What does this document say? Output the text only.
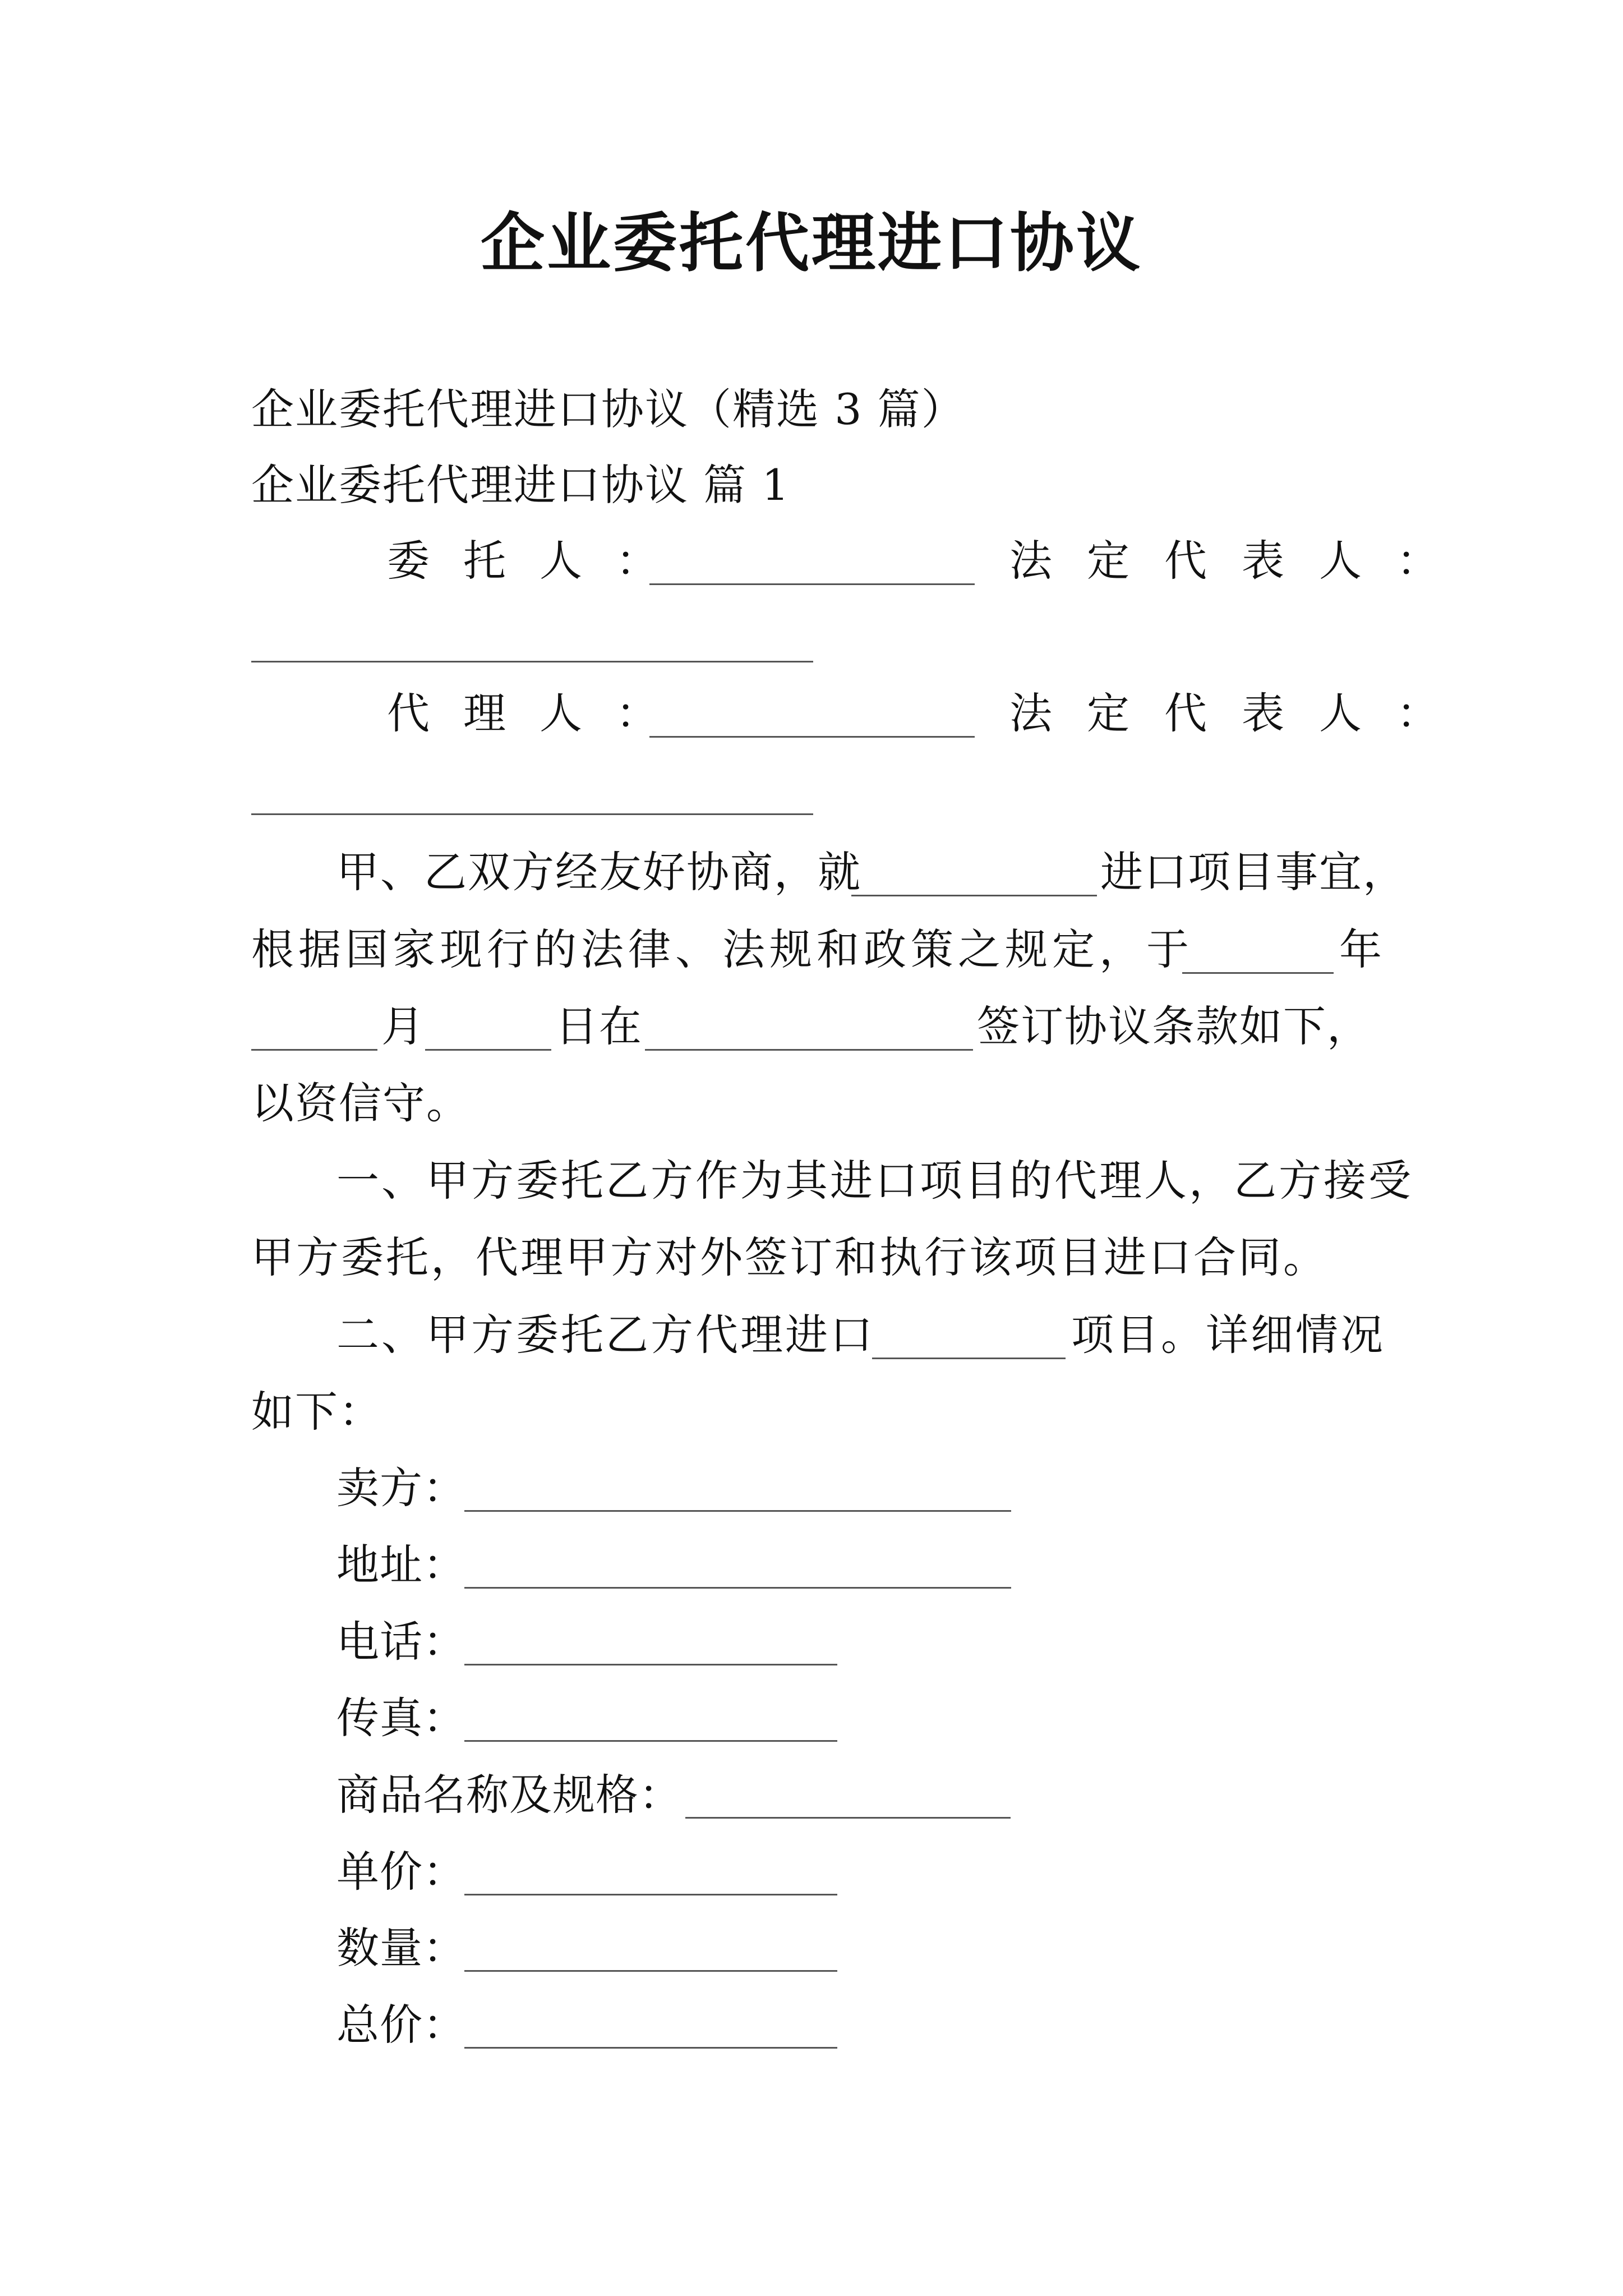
企业委托代理进口协议
企业委托代理进口协议（精选 3 篇）
企业委托代理进口协议 篇 1
委托人：	法定代表人：
代理人：	法定代表人：
甲、乙双方经友好协商，就	进口项目事宜，
根据国家现行的法律、法规和政策之规定，于	年
月	日在	签订协议条款如下，
以资信守。
一、甲方委托乙方作为其进口项目的代理人，乙方接受
甲方委托，代理甲方对外签订和执行该项目进口合同。
二、甲方委托乙方代理进口	项目。详细情况
如下：
卖方：
地址：
电话：
传真：
商品名称及规格：
单价：
数量：
总价：
